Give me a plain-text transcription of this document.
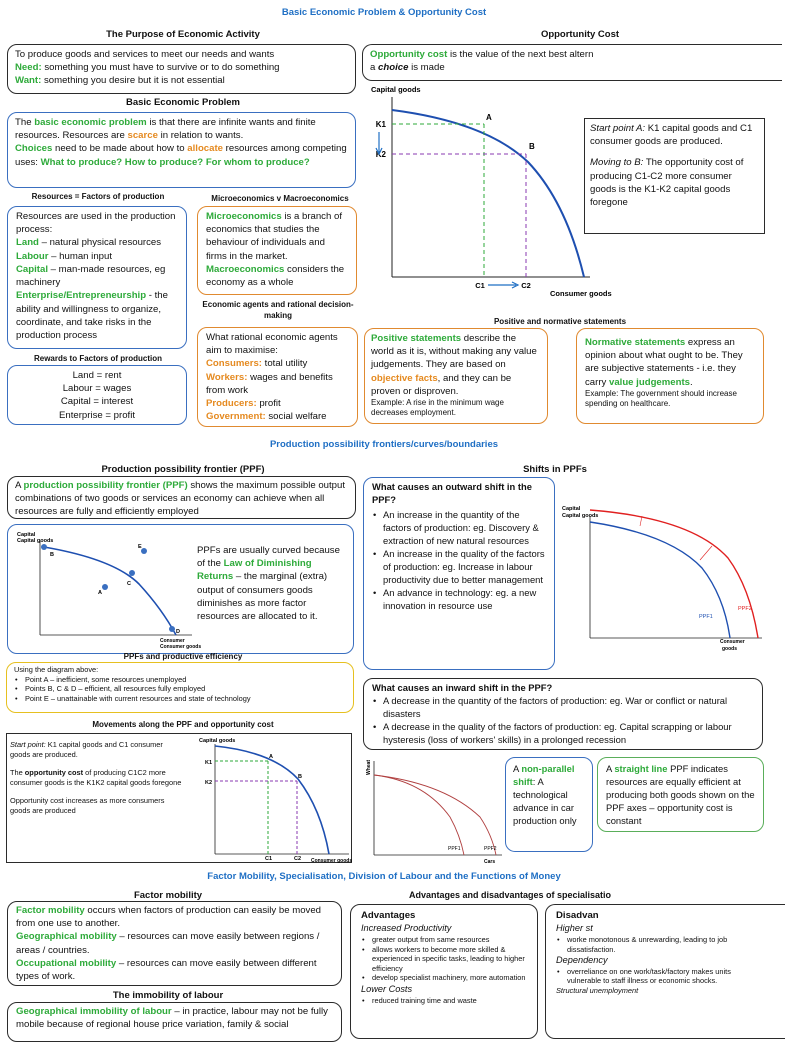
Basic Economic Problem & Opportunity Cost
The Purpose of Economic Activity
To produce goods and services to meet our needs and wants
Need: something you must have to survive or to do something
Want: something you desire but it is not essential
Opportunity Cost
Opportunity cost is the value of the next best altern
a choice is made
Basic Economic Problem
The basic economic problem is that there are infinite wants and finite resources. Resources are scarce in relation to wants.
Choices need to be made about how to allocate resources among competing uses: What to produce? How to produce? For whom to produce?
Capital goods
K1
K2
A
B
C1	C2
Consumer goods
Start point A: K1 capital goods and C1 consumer goods are produced.
Moving to B: The opportunity cost of producing C1-C2 more consumer goods is the K1-K2 capital goods foregone
Resources = Factors of production
Resources are used in the production process:
Land – natural physical resources
Labour – human input
Capital – man-made resources, eg machinery
Enterprise/Entrepreneurship - the ability and willingness to organize, coordinate, and take risks in the production process
Rewards to Factors of production
Land = rent
Labour = wages
Capital = interest
Enterprise = profit
Microeconomics v Macroeconomics
Microeconomics is a branch of economics that studies the behaviour of individuals and firms in the market.
Macroeconomics considers the economy as a whole
Economic agents and rational decision-making
What rational economic agents aim to maximise:
Consumers: total utility
Workers: wages and benefits from work
Producers: profit
Government: social welfare
Positive and normative statements
Positive statements describe the world as it is, without making any value judgements. They are based on objective facts, and they can be proven or disproven.
Example: A rise in the minimum wage decreases employment.
Normative statements express an opinion about what ought to be. They are subjective statements - i.e. they carry value judgements.
Example: The government should increase spending on healthcare.
Production possibility frontiers/curves/boundaries
Production possibility frontier (PPF)
A production possibility frontier (PPF) shows the maximum possible output combinations of two goods or services an economy can achieve when all resources are fully and efficiently employed
Capital
Capital goods
B
C
E
A
D
Consumer
Consumer goods
PPFs are usually curved because of the Law of Diminishing Returns – the marginal (extra) output of consumers goods diminishes as more factor resources are allocated to it.
PPFs and productive efficiency
Using the diagram above:
• Point A – inefficient, some resources unemployed
• Points B, C & D – efficient, all resources fully employed
• Point E – unattainable with current resources and state of technology
Movements along the PPF and opportunity cost
Start point: K1 capital goods and C1 consumer goods are produced.
The opportunity cost of producing C1C2 more consumer goods is the K1K2 capital goods foregone
Opportunity cost increases as more consumers goods are produced
Capital goods
K1
K2
A
B
C1	C2 Consumer goods
Shifts in PPFs
What causes an outward shift in the PPF?
• An increase in the quantity of the factors of production: eg. Discovery & extraction of new natural resources
• An increase in the quality of the factors of production: eg. Increase in labour productivity due to better management
• An advance in technology: eg. a new innovation in resource use
Capital
Capital goods
PPF1
PPF2
Consumer
goods
What causes an inward shift in the PPF?
• A decrease in the quantity of the factors of production: eg. War or conflict or natural disasters
• A decrease in the quality of the factors of production: eg. Capital scrapping or labour hysteresis (loss of workers' skills) in a prolonged recession
Wheat
PPF1	PPF2
Cars
A non-parallel shift: A technological advance in car production only
A straight line PPF indicates resources are equally efficient at producing both goods shown on the PPF axes – opportunity cost is constant
Factor Mobility, Specialisation, Division of Labour and the Functions of Money
Factor mobility
Factor mobility occurs when factors of production can easily be moved from one use to another.
Geographical mobility – resources can move easily between regions / areas / countries.
Occupational mobility – resources can move easily between different types of work.
The immobility of labour
Geographical immobility of labour – in practice, labour may not be fully mobile because of regional house price variation, family & social
Advantages and disadvantages of specialisatio
Advantages
Increased Productivity
• greater output from same resources
• allows workers to become more skilled & experienced in specific tasks, leading to higher efficiency
• develop specialist machinery, more automation
Lower Costs
• reduced training time and waste
Disadvan
Higher st
• worke monotonous & unrewarding, leading to job dissatisfaction.
Dependency
• overreliance on one work/task/factory makes units vulnerable to staff illness or economic shocks.
Structural unemployment
